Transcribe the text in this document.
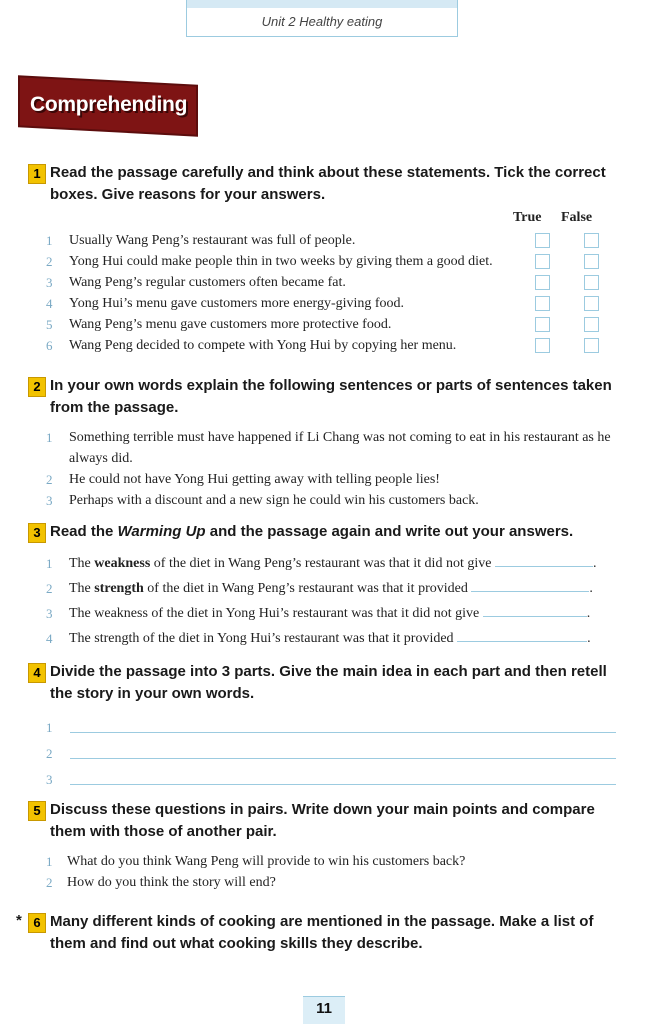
Unit 2 Healthy eating
Comprehending
1 Read the passage carefully and think about these statements. Tick the correct boxes. Give reasons for your answers.
True False
1 Usually Wang Peng’s restaurant was full of people.
2 Yong Hui could make people thin in two weeks by giving them a good diet.
3 Wang Peng’s regular customers often became fat.
4 Yong Hui’s menu gave customers more energy-giving food.
5 Wang Peng’s menu gave customers more protective food.
6 Wang Peng decided to compete with Yong Hui by copying her menu.
2 In your own words explain the following sentences or parts of sentences taken from the passage.
1 Something terrible must have happened if Li Chang was not coming to eat in his restaurant as he always did.
2 He could not have Yong Hui getting away with telling people lies!
3 Perhaps with a discount and a new sign he could win his customers back.
3 Read the Warming Up and the passage again and write out your answers.
1 The weakness of the diet in Wang Peng’s restaurant was that it did not give	.
2 The strength of the diet in Wang Peng’s restaurant was that it provided	.
3 The weakness of the diet in Yong Hui’s restaurant was that it did not give	.
4 The strength of the diet in Yong Hui’s restaurant was that it provided	.
4 Divide the passage into 3 parts. Give the main idea in each part and then retell the story in your own words.
1
2
3
5 Discuss these questions in pairs. Write down your main points and compare them with those of another pair.
1 What do you think Wang Peng will provide to win his customers back?
2 How do you think the story will end?
* 6 Many different kinds of cooking are mentioned in the passage. Make a list of them and find out what cooking skills they describe.
11
